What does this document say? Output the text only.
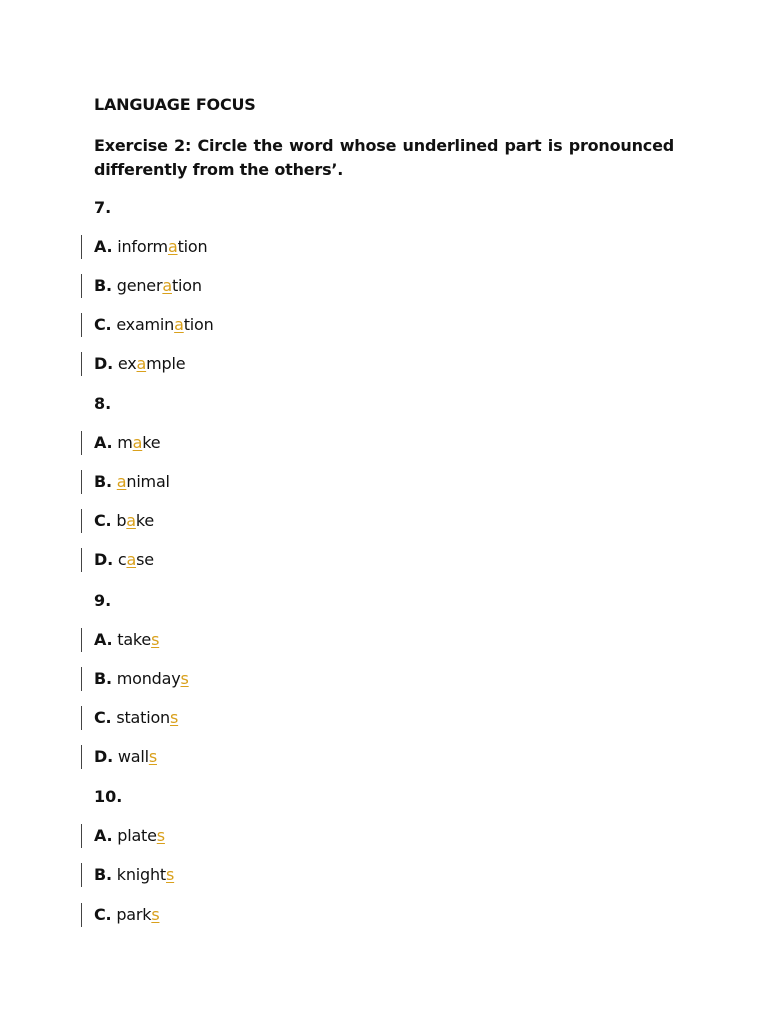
LANGUAGE FOCUS
Exercise 2: Circle the word whose underlined part is pronounced differently from the others’.
7.
A. information
B. generation
C. examination
D. example
8.
A. make
B. animal
C. bake
D. case
9.
A. takes
B. mondays
C. stations
D. walls
10.
A. plates
B. knights
C. parks
